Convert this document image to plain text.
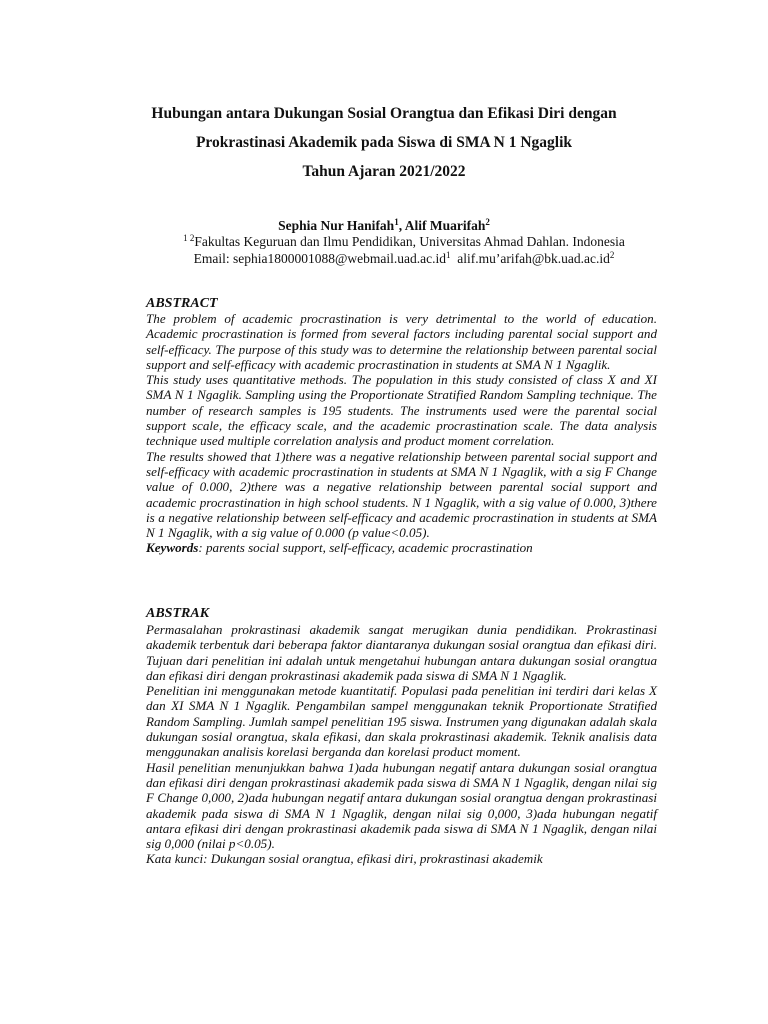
Hubungan antara Dukungan Sosial Orangtua dan Efikasi Diri dengan
Prokrastinasi Akademik pada Siswa di SMA N 1 Ngaglik
Tahun Ajaran 2021/2022
Sephia Nur Hanifah$^1$, Alif Muarifah$^2$
$^{1 2}$Fakultas Keguruan dan Ilmu Pendidikan, Universitas Ahmad Dahlan. Indonesia
Email: $sephia1800001088@webmail.uad.ac.id^1$ $alif.mu’arifah@bk.uad.ac.id^2$
ABSTRACT

The problem of academic procrastination is very detrimental to the world of education. Academic procrastination is formed from several factors including parental social support and self-efficacy. The purpose of this study was to determine the relationship between parental social support and self-efficacy with academic procrastination in students at SMA N 1 Ngaglik.

This study uses quantitative methods. The population in this study consisted of class X and XI SMA N 1 Ngaglik. Sampling using the Proportionate Stratified Random Sampling technique. The number of research samples is 195 students. The instruments used were the parental social support scale, the efficacy scale, and the academic procrastination scale. The data analysis technique used multiple correlation analysis and product moment correlation.

The results showed that 1)there was a negative relationship between parental social support and self-efficacy with academic procrastination in students at SMA N 1 Ngaglik, with a sig F Change value of 0.000, 2)there was a negative relationship between parental social support and academic procrastination in high school students. N 1 Ngaglik, with a sig value of 0.000, 3)there is a negative relationship between self-efficacy and academic procrastination in students at SMA N 1 Ngaglik, with a sig value of 0.000 (p value<0.05).

Keywords: parents social support, self-efficacy, academic procrastination

ABSTRAK

Permasalahan prokrastinasi akademik sangat merugikan dunia pendidikan. Prokrastinasi akademik terbentuk dari beberapa faktor diantaranya dukungan sosial orangtua dan efikasi diri. Tujuan dari penelitian ini adalah untuk mengetahui hubungan antara dukungan sosial orangtua dan efikasi diri dengan prokrastinasi akademik pada siswa di SMA N 1 Ngaglik.

Penelitian ini menggunakan metode kuantitatif. Populasi pada penelitian ini terdiri dari kelas X dan XI SMA N 1 Ngaglik. Pengambilan sampel menggunakan teknik Proportionate Stratified Random Sampling. Jumlah sampel penelitian 195 siswa. Instrumen yang digunakan adalah skala dukungan sosial orangtua, skala efikasi, dan skala prokrastinasi akademik. Teknik analisis data menggunakan analisis korelasi berganda dan korelasi product moment.

Hasil penelitian menunjukkan bahwa 1)ada hubungan negatif antara dukungan sosial orangtua dan efikasi diri dengan prokrastinasi akademik pada siswa di SMA N 1 Ngaglik, dengan nilai sig F Change 0,000, 2)ada hubungan negatif antara dukungan sosial orangtua dengan prokrastinasi akademik pada siswa di SMA N 1 Ngaglik, dengan nilai sig 0,000, 3)ada hubungan negatif antara efikasi diri dengan prokrastinasi akademik pada siswa di SMA N 1 Ngaglik, dengan nilai sig 0,000 (nilai p<0.05).

Kata kunci: Dukungan sosial orangtua, efikasi diri, prokrastinasi akademik
